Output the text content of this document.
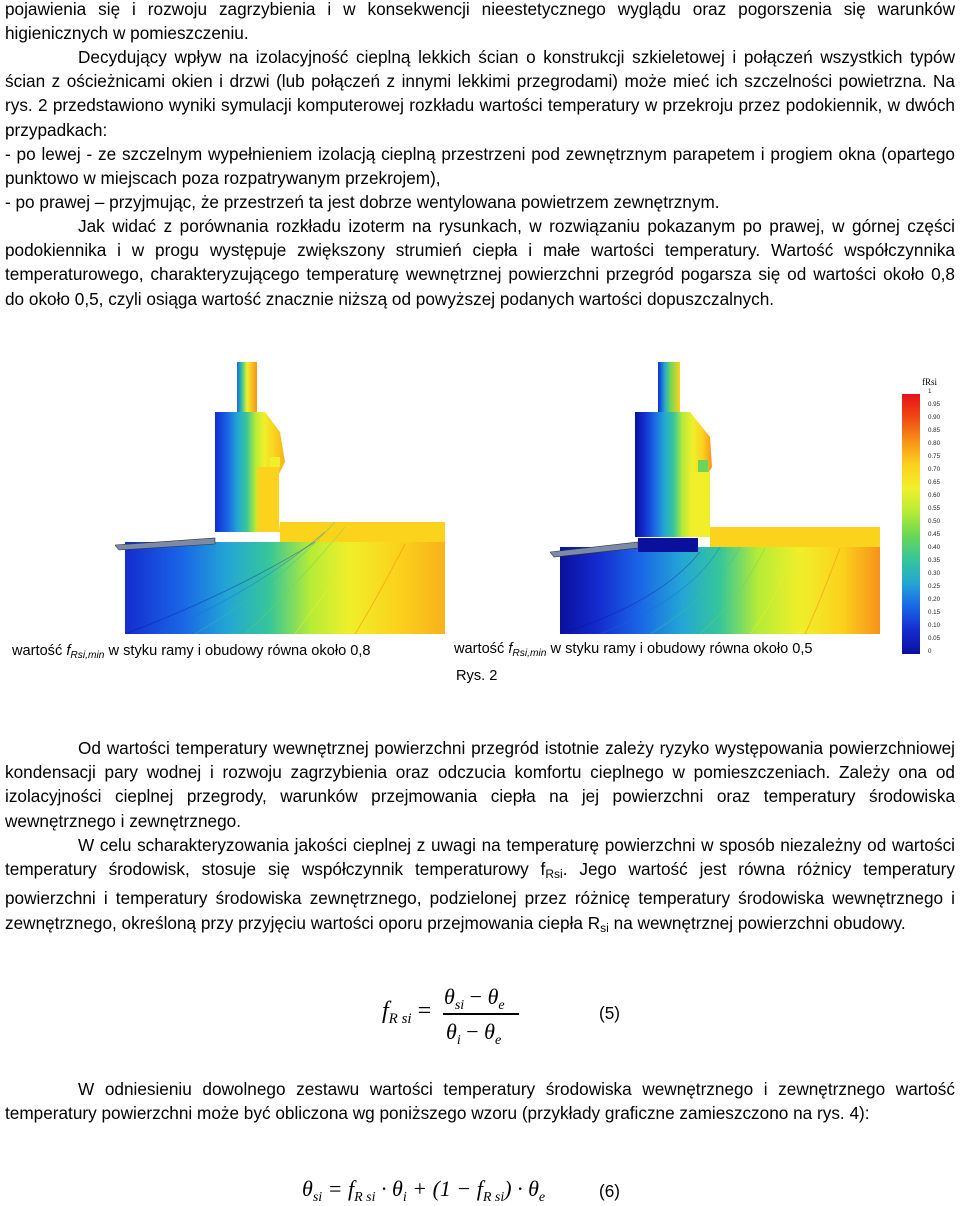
pojawienia się i rozwoju zagrzybienia i w konsekwencji nieestetycznego wyglądu oraz pogorszenia się warunków higienicznych w pomieszczeniu.

Decydujący wpływ na izolacyjność cieplną lekkich ścian o konstrukcji szkieletowej i połączeń wszystkich typów ścian z ościeżnicami okien i drzwi (lub połączeń z innymi lekkimi przegrodami) może mieć ich szczelności powietrzna. Na rys. 2 przedstawiono wyniki symulacji komputerowej rozkładu wartości temperatury w przekroju przez podokiennik, w dwóch przypadkach:

- po lewej - ze szczelnym wypełnieniem izolacją cieplną przestrzeni pod zewnętrznym parapetem i progiem okna (opartego punktowo w miejscach poza rozpatrywanym przekrojem),

- po prawej – przyjmując, że przestrzeń ta jest dobrze wentylowana powietrzem zewnętrznym.

Jak widać z porównania rozkładu izoterm na rysunkach, w rozwiązaniu pokazanym po prawej, w górnej części podokiennika i w progu występuje zwiększony strumień ciepła i małe wartości temperatury. Wartość współczynnika temperaturowego, charakteryzującego temperaturę wewnętrznej powierzchni przegród pogarsza się od wartości około 0,8 do około 0,5, czyli osiąga wartość znacznie niższą od powyższej podanych wartości dopuszczalnych.

$_{fRsi}$
1
0.95
0.90
0.85
0.80
0.75
0.70
0.65
0.60
0.55
0.50
0.45
0.40
0.35
0.30
0.25
0.20
0.15
0.10
0.05
0
wartość $f_{Rsi,min}$ w styku ramy i obudowy równa około 0,8	wartość $f_{Rsi,min}$ w styku ramy i obudowy równa około 0,5
Rys. 2

Od wartości temperatury wewnętrznej powierzchni przegród istotnie zależy ryzyko występowania powierzchniowej kondensacji pary wodnej i rozwoju zagrzybienia oraz odczucia komfortu cieplnego w pomieszczeniach. Zależy ona od izolacyjności cieplnej przegrody, warunków przejmowania ciepła na jej powierzchni oraz temperatury środowiska wewnętrznego i zewnętrznego.

W celu scharakteryzowania jakości cieplnej z uwagi na temperaturę powierzchni w sposób niezależny od wartości temperatury środowisk, stosuje się współczynnik temperaturowy $f_{Rsi}$. Jego wartość jest równa różnicy temperatury powierzchni i temperatury środowiska zewnętrznego, podzielonej przez różnicę temperatury środowiska wewnętrznego i zewnętrznego, określoną przy przyjęciu wartości oporu przejmowania ciepła $R_{si}$ na wewnętrznej powierzchni obudowy.

$f_{R si}$ =
$\theta_{si} - \theta_e$
$\theta_i - \theta_e$
(5)

W odniesieniu dowolnego zestawu wartości temperatury środowiska wewnętrznego i zewnętrznego wartość temperatury powierzchni może być obliczona wg poniższego wzoru (przykłady graficzne zamieszczono na rys. 4):

$\theta_{si} = f_{R si} \cdot \theta_i + (1 - f_{R si}) \cdot \theta_e$	(6)
